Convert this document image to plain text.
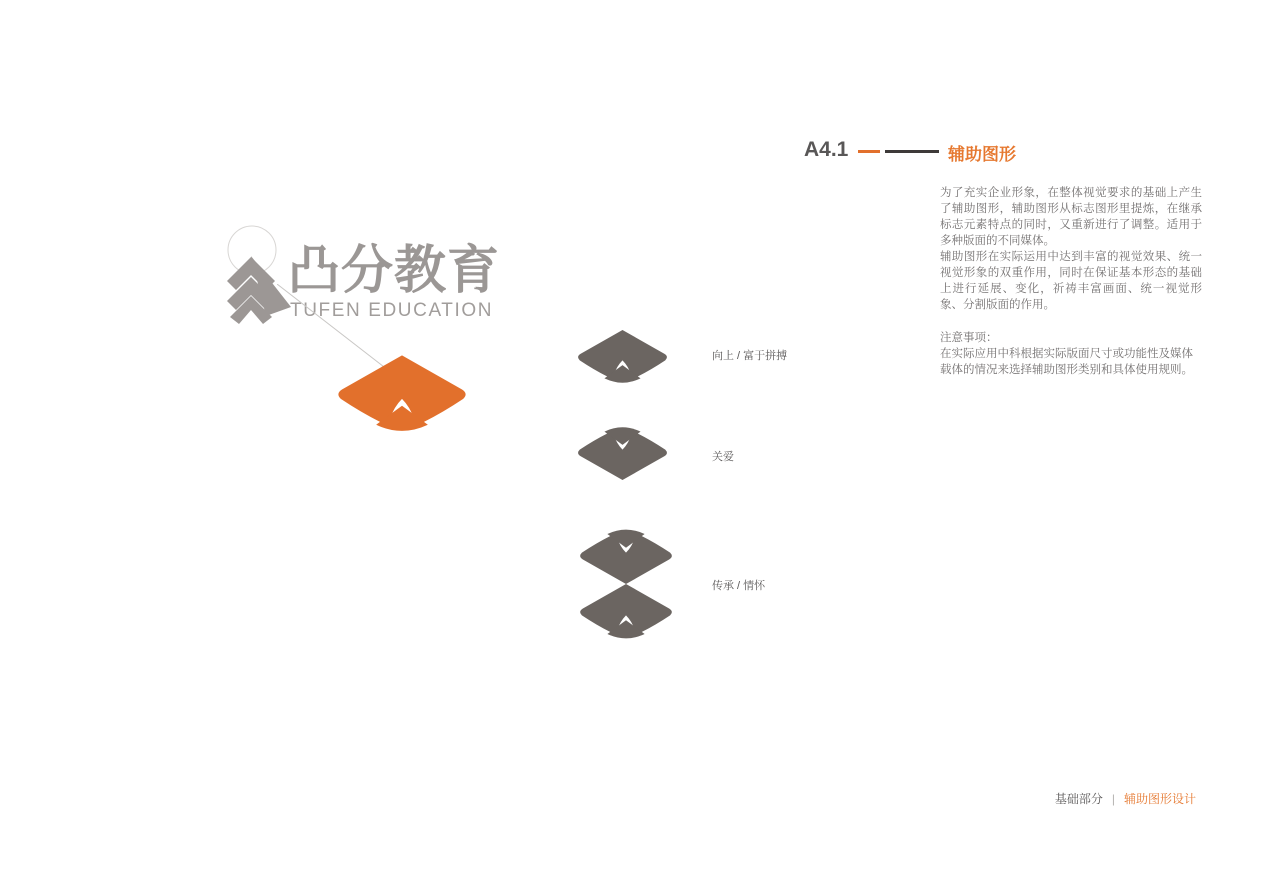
凸分教育
TUFEN EDUCATION
向上 / 富于拼搏
关爱
传承 / 情怀
A4.1	辅助图形

为了充实企业形象，在整体视觉要求的基础上产生了辅助图形，辅助图形从标志图形里提炼，在继承标志元素特点的同时，又重新进行了调整。适用于多种版面的不同媒体。

辅助图形在实际运用中达到丰富的视觉效果、统一视觉形象的双重作用，同时在保证基本形态的基础上进行延展、变化，祈祷丰富画面、统一视觉形象、分割版面的作用。

注意事项：
在实际应用中科根据实际版面尺寸或功能性及媒体载体的情况来选择辅助图形类别和具体使用规则。
基础部分 | 辅助图形设计
